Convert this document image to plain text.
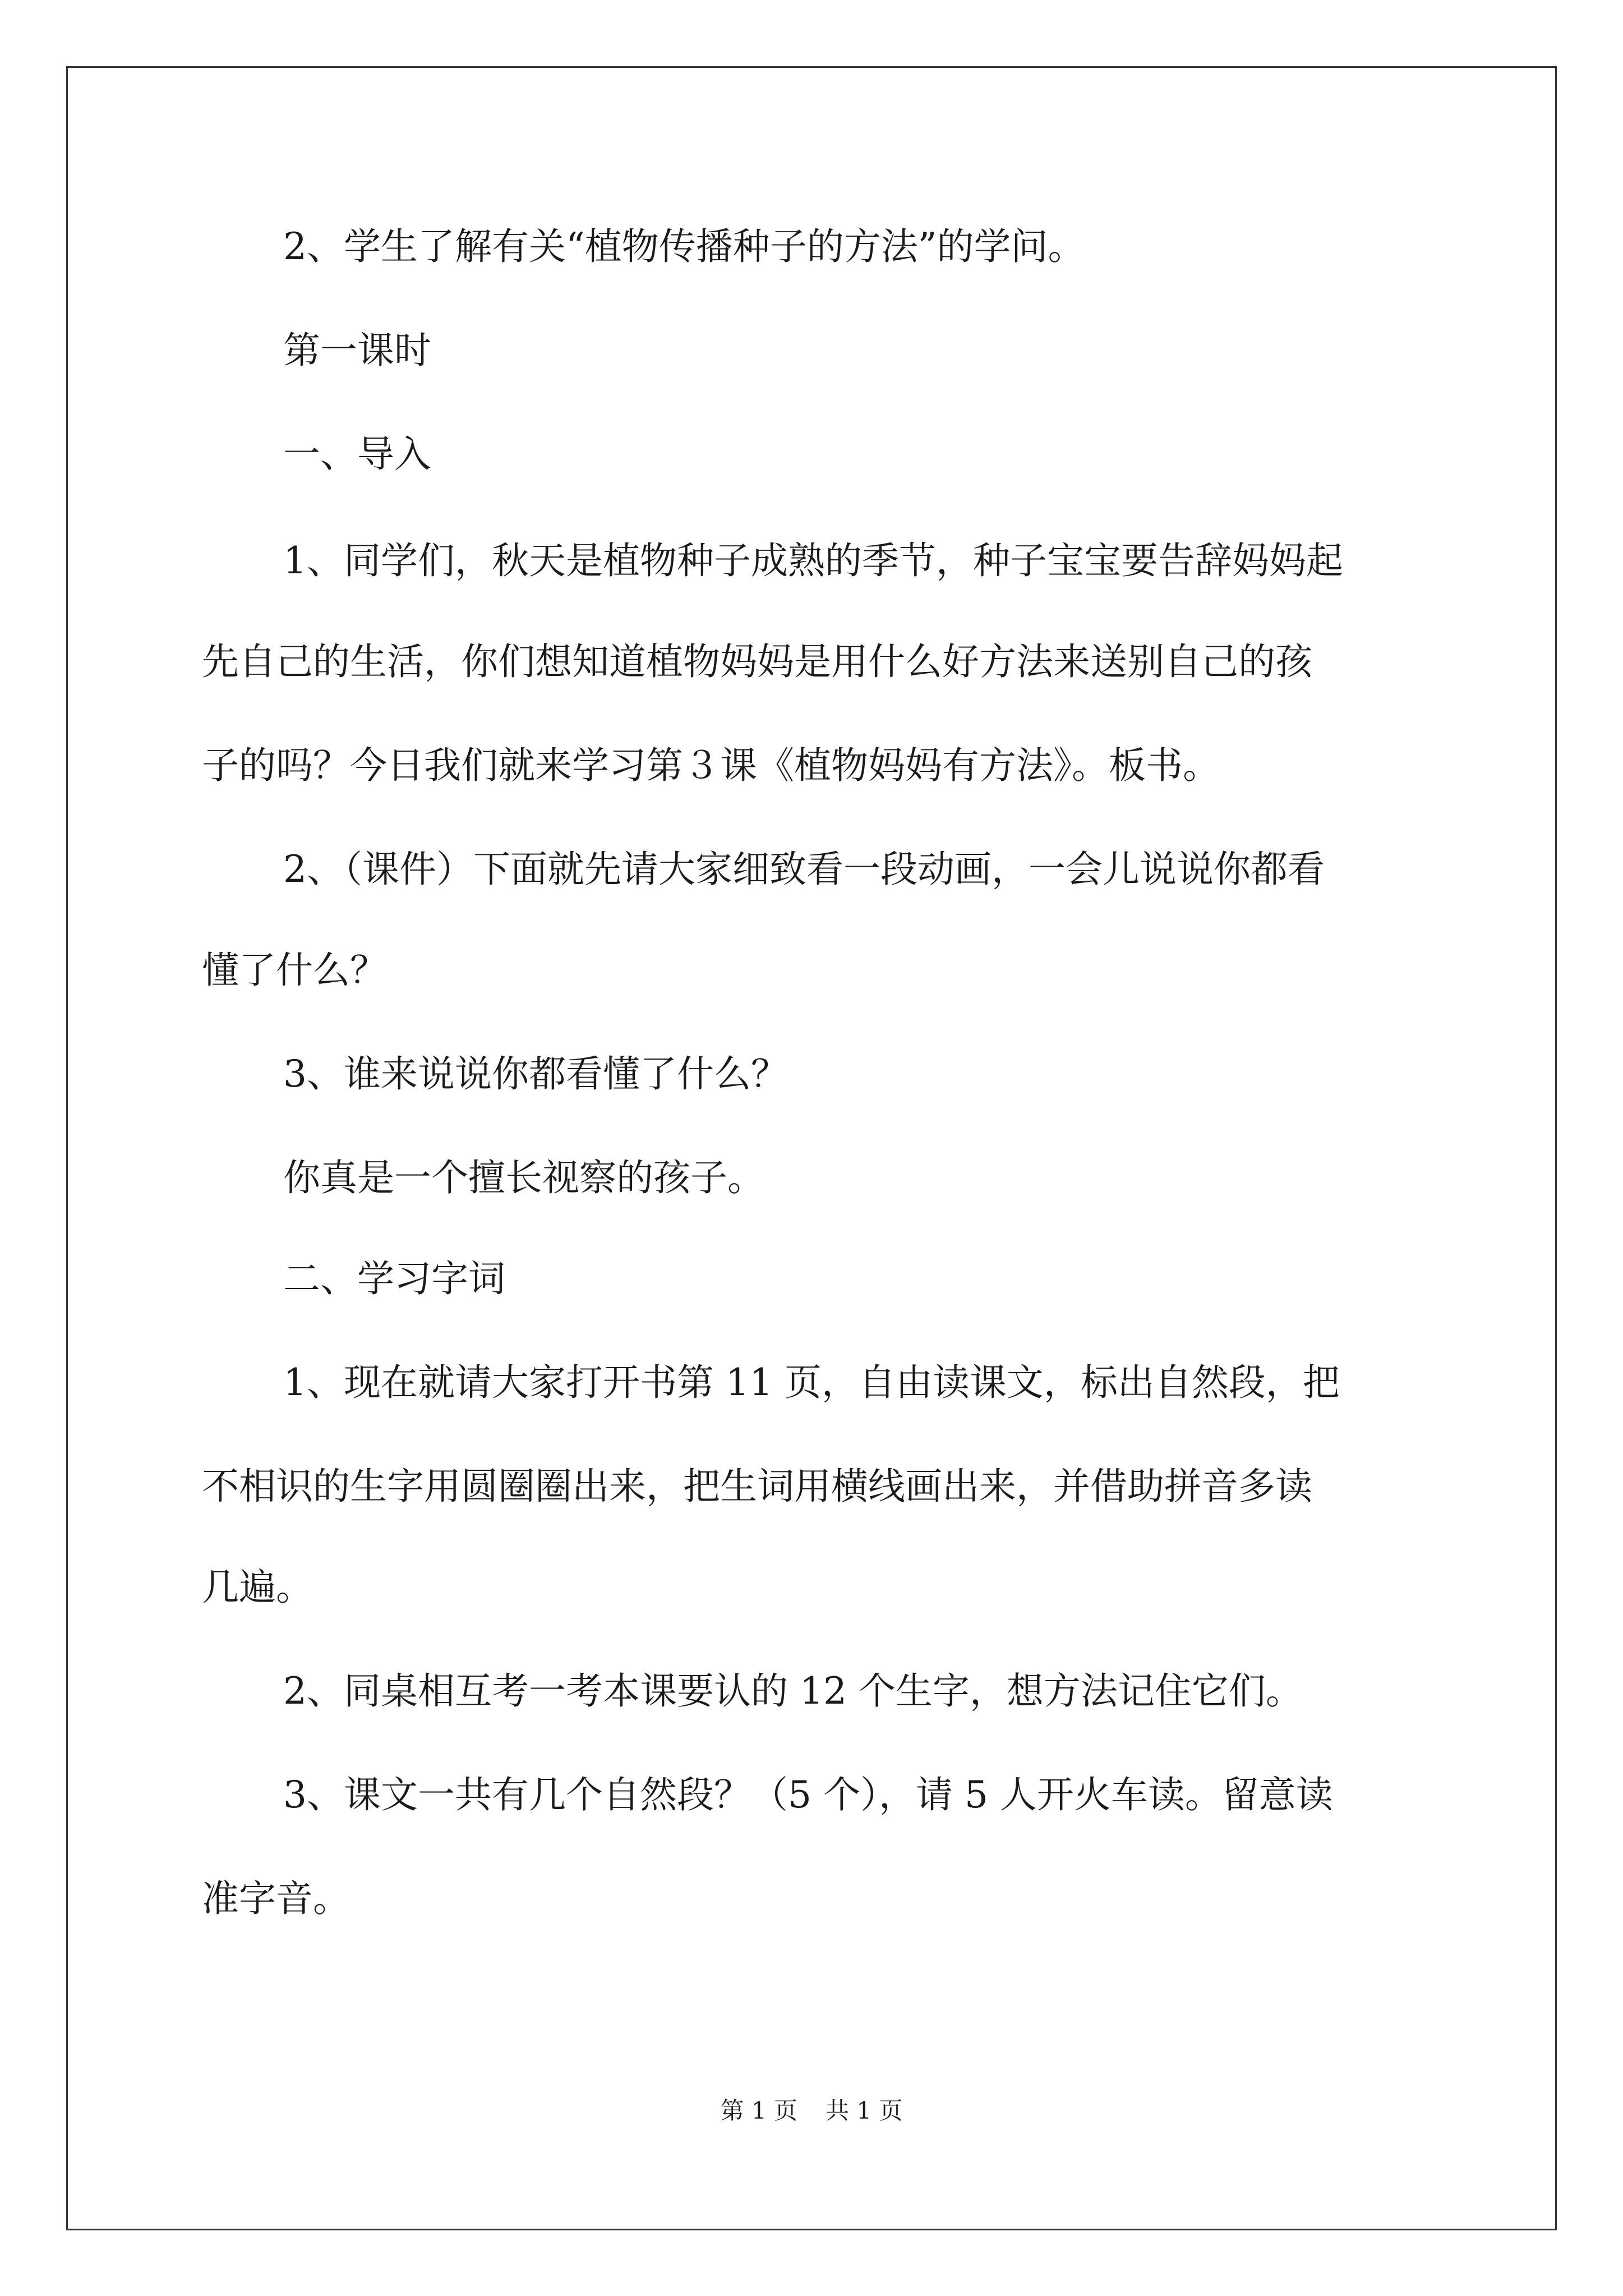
2、学生了解有关“植物传播种子的方法”的学问。
第一课时
一、导入
1、同学们，秋天是植物种子成熟的季节，种子宝宝要告辞妈妈起
先自己的生活，你们想知道植物妈妈是用什么好方法来送别自己的孩
子的吗？今日我们就来学习第３课《植物妈妈有方法》。板书。
2、（课件）下面就先请大家细致看一段动画，一会儿说说你都看
懂了什么？
3、谁来说说你都看懂了什么？
你真是一个擅长视察的孩子。
二、学习字词
1、现在就请大家打开书第 11 页，自由读课文，标出自然段，把
不相识的生字用圆圈圈出来，把生词用横线画出来，并借助拼音多读
几遍。
2、同桌相互考一考本课要认的 12 个生字，想方法记住它们。
3、课文一共有几个自然段？（5 个），请 5 人开火车读。留意读
准字音。
第 1 页 共 1 页
